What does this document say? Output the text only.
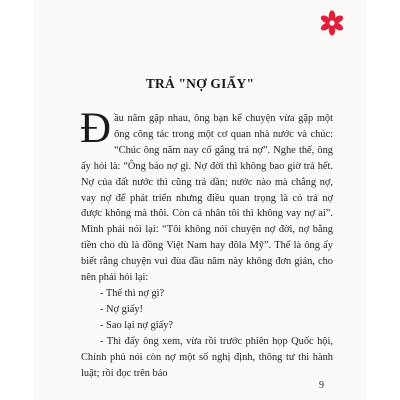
TRẢ "NỢ GIẤY"

Đầu năm gặp nhau, ông bạn kể chuyện vừa gặp một ông công tác trong một cơ quan nhà nước và chúc: “Chúc ông năm nay cố gắng trả nợ”. Nghe thế, ông ấy hỏi là: “Ông bảo nợ gì. Nợ đời thì không bao giờ trả hết. Nợ của đất nước thì cũng trả dần; nước nào mà chẳng nợ, vay nợ để phát triển nhưng điều quan trọng là có trả nợ được không mà thôi. Còn cá nhân tôi thì không vay nợ ai”. Mình phải nói lại: “Tôi không nói chuyện nợ đời, nợ bằng tiền cho dù là đồng Việt Nam hay đôla Mỹ”. Thế là ông ấy biết rằng chuyện vui đùa đầu năm này không đơn giản, cho nên phải hỏi lại:

- Thế thì nợ gì?

- Nợ giấy!

- Sao lại nợ giấy?

- Thì đấy ông xem, vừa rồi trước phiên họp Quốc hội, Chính phủ nói còn nợ một số nghị định, thông tư thi hành luật; rồi đọc trên báo

9
